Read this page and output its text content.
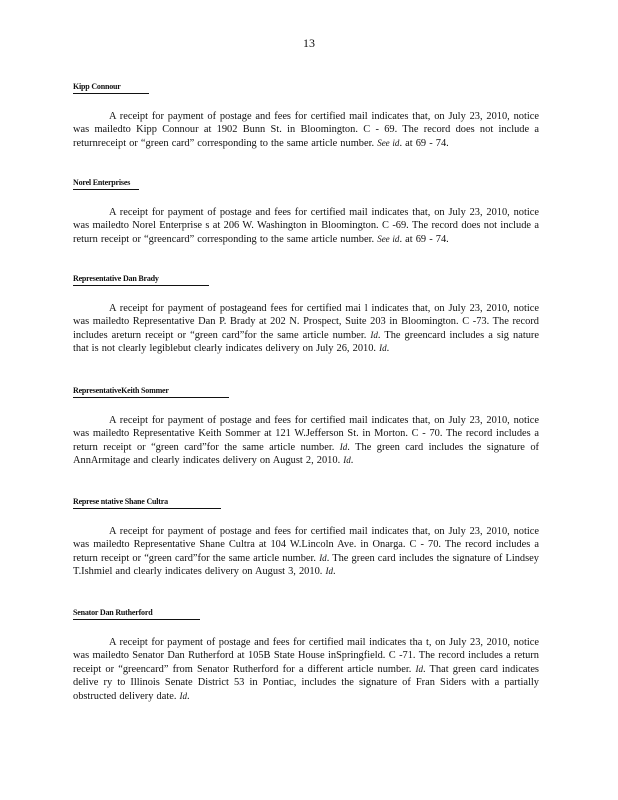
13
Kipp Connour

A receipt for payment of postage and fees for certified mail indicates that, on July 23, 2010, notice was mailedto Kipp Connour at 1902 Bunn St. in Bloomington. C - 69. The record does not include a returnreceipt or “green card” corresponding to the same article number. See id. at 69 - 74.

Norel Enterprises

A receipt for payment of postage and fees for certified mail indicates that, on July 23, 2010, notice was mailedto Norel Enterprise s at 206 W. Washington in Bloomington. C -69. The record does not include a return receipt or “greencard” corresponding to the same article number. See id. at 69 - 74.

Representative Dan Brady

A receipt for payment of postageand fees for certified mai l indicates that, on July 23, 2010, notice was mailedto Representative Dan P. Brady at 202 N. Prospect, Suite 203 in Bloomington. C -73. The record includes areturn receipt or “green card”for the same article number. Id. The greencard includes a sig nature that is not clearly legiblebut clearly indicates delivery on July 26, 2010. Id.

RepresentativeKeith Sommer

A receipt for payment of postage and fees for certified mail indicates that, on July 23, 2010, notice was mailedto Representative Keith Sommer at 121 W.Jefferson St. in Morton. C - 70. The record includes a return receipt or “green card”for the same article number. Id. The green card includes the signature of AnnArmitage and clearly indicates delivery on August 2, 2010. Id.

Represe ntative Shane Cultra

A receipt for payment of postage and fees for certified mail indicates that, on July 23, 2010, notice was mailedto Representative Shane Cultra at 104 W.Lincoln Ave. in Onarga. C - 70. The record includes a return receipt or “green card”for the same article number. Id. The green card includes the signature of Lindsey T.Ishmiel and clearly indicates delivery on August 3, 2010. Id.

Senator Dan Rutherford

A receipt for payment of postage and fees for certified mail indicates tha t, on July 23, 2010, notice was mailedto Senator Dan Rutherford at 105B State House inSpringfield. C -71. The record includes a return receipt or “greencard” from Senator Rutherford for a different article number. Id. That green card indicates delive ry to Illinois Senate District 53 in Pontiac, includes the signature of Fran Siders with a partially obstructed delivery date. Id.
